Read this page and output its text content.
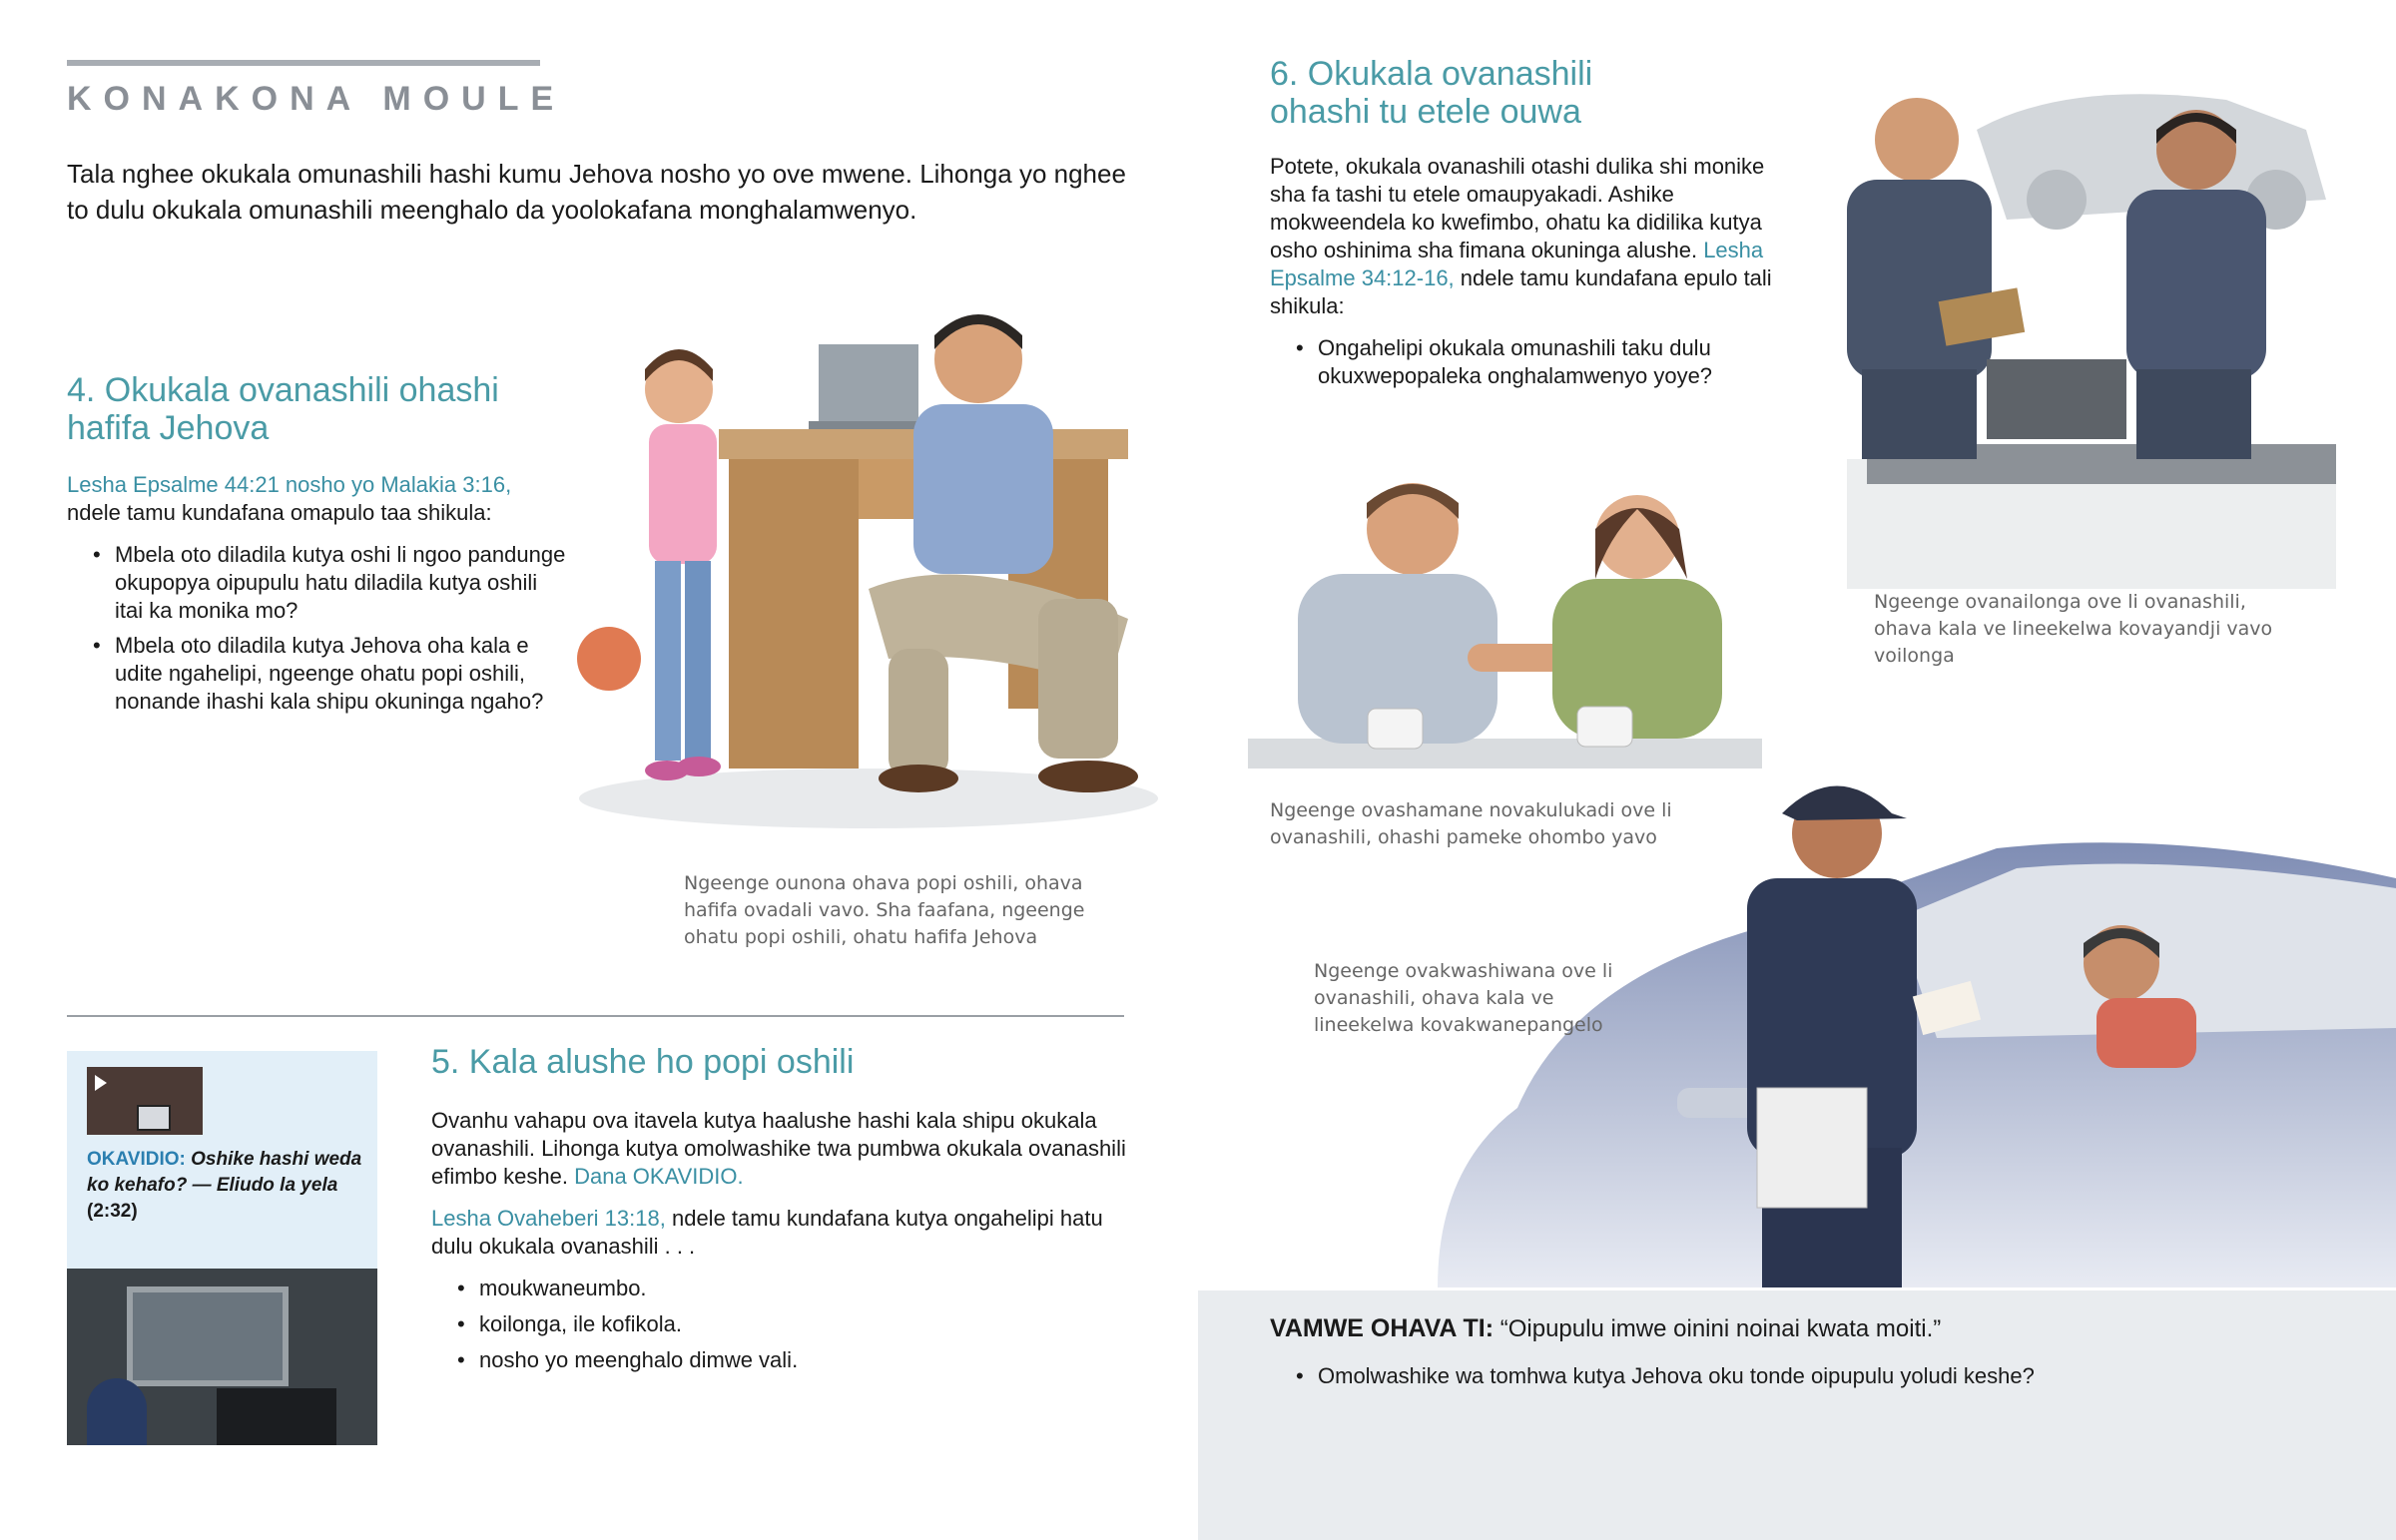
KONAKONA MOULE

Tala nghee okukala omunashili hashi kumu Jehova nosho yo ove mwene. Lihonga yo nghee to dulu okukala omunashili meenghalo da yoolokafana monghalamwenyo.

4. Okukala ovanashili ohashi
hafifa Jehova

Lesha Epsalme 44:21 nosho yo Malakia 3:16,
ndele tamu kundafana omapulo taa shikula:

• Mbela oto diladila kutya oshi li ngoo pandunge okupopya oipupulu hatu diladila kutya oshili itai ka monika mo?
• Mbela oto diladila kutya Jehova oha kala e udite ngahelipi, ngeenge ohatu popi oshili, nonande ihashi kala shipu okuninga ngaho?

Ngeenge ounona ohava popi oshili, ohava hafifa ovadali vavo. Sha faafana, ngeenge ohatu popi oshili, ohatu hafifa Jehova

OKAVIDIO: Oshike hashi weda ko kehafo? — Eliudo la yela
(2:32)
5. Kala alushe ho popi oshili

Ovanhu vahapu ova itavela kutya haalushe hashi kala shipu okukala ovanashili. Lihonga kutya omolwashike twa pumbwa okukala ovanashili efimbo keshe. Dana OKAVIDIO.

Lesha Ovaheberi 13:18, ndele tamu kundafana kutya ongahelipi hatu dulu okukala ovanashili . . .

• moukwaneumbo.
• koilonga, ile kofikola.
• nosho yo meenghalo dimwe vali.
6. Okukala ovanashili
ohashi tu etele ouwa

Potete, okukala ovanashili otashi dulika shi monike sha fa tashi tu etele omaupyakadi. Ashike mokweendela ko kwefimbo, ohatu ka didilika kutya osho oshinima sha fimana okuninga alushe. Lesha Epsalme 34:12-16, ndele tamu kundafana epulo tali shikula:

• Ongahelipi okukala omunashili taku dulu okuxwepopaleka onghalamwenyo yoye?

Ngeenge ovanailonga ove li ovanashili, ohava kala ve lineekelwa kovayandji vavo voilonga

Ngeenge ovashamane novakulukadi ove li ovanashili, ohashi pameke ohombo yavo

Ngeenge ovakwashiwana ove li ovanashili, ohava kala ve lineekelwa kovakwanepangelo

VAMWE OHAVA TI: “Oipupulu imwe oinini noinai kwata moiti.”

• Omolwashike wa tomhwa kutya Jehova oku tonde oipupulu yoludi keshe?
